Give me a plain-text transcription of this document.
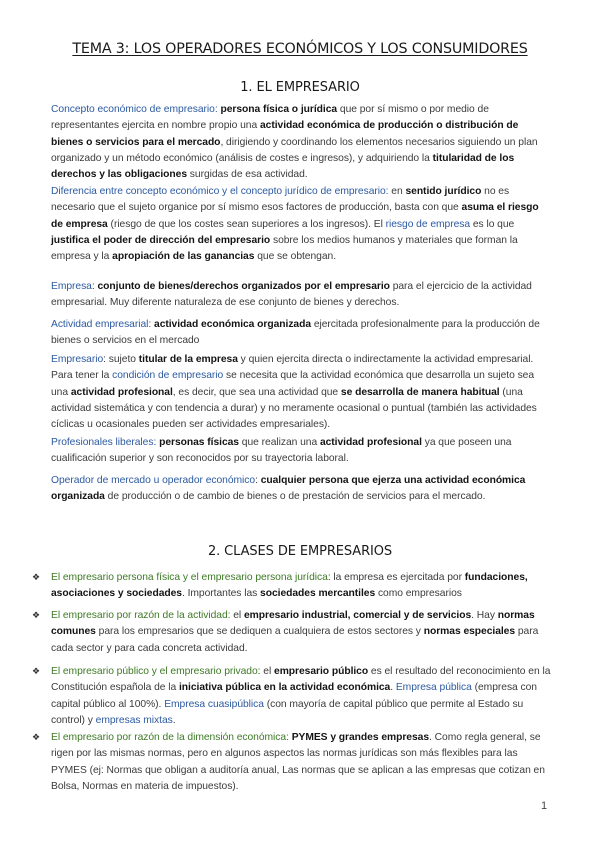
TEMA 3: LOS OPERADORES ECONÓMICOS Y LOS CONSUMIDORES
1. EL EMPRESARIO
Concepto económico de empresario: persona física o jurídica que por sí mismo o por medio de representantes ejercita en nombre propio una actividad económica de producción o distribución de bienes o servicios para el mercado, dirigiendo y coordinando los elementos necesarios siguiendo un plan organizado y un método económico (análisis de costes e ingresos), y adquiriendo la titularidad de los derechos y las obligaciones surgidas de esa actividad.
Diferencia entre concepto económico y el concepto jurídico de empresario: en sentido jurídico no es necesario que el sujeto organice por sí mismo esos factores de producción, basta con que asuma el riesgo de empresa (riesgo de que los costes sean superiores a los ingresos). El riesgo de empresa es lo que justifica el poder de dirección del empresario sobre los medios humanos y materiales que forman la empresa y la apropiación de las ganancias que se obtengan.
Empresa: conjunto de bienes/derechos organizados por el empresario para el ejercicio de la actividad empresarial. Muy diferente naturaleza de ese conjunto de bienes y derechos.
Actividad empresarial: actividad económica organizada ejercitada profesionalmente para la producción de bienes o servicios en el mercado
Empresario: sujeto titular de la empresa y quien ejercita directa o indirectamente la actividad empresarial. Para tener la condición de empresario se necesita que la actividad económica que desarrolla un sujeto sea una actividad profesional, es decir, que sea una actividad que se desarrolla de manera habitual (una actividad sistemática y con tendencia a durar) y no meramente ocasional o puntual (también las actividades cíclicas u ocasionales pueden ser actividades empresariales).
Profesionales liberales: personas físicas que realizan una actividad profesional ya que poseen una cualificación superior y son reconocidos por su trayectoria laboral.
Operador de mercado u operador económico: cualquier persona que ejerza una actividad económica organizada de producción o de cambio de bienes o de prestación de servicios para el mercado.
2. CLASES DE EMPRESARIOS
❖ El empresario persona física y el empresario persona jurídica: la empresa es ejercitada por fundaciones, asociaciones y sociedades. Importantes las sociedades mercantiles como empresarios
❖ El empresario por razón de la actividad: el empresario industrial, comercial y de servicios. Hay normas comunes para los empresarios que se dediquen a cualquiera de estos sectores y normas especiales para cada sector y para cada concreta actividad.
❖ El empresario público y el empresario privado: el empresario público es el resultado del reconocimiento en la Constitución española de la iniciativa pública en la actividad económica. Empresa pública (empresa con capital público al 100%). Empresa cuasipública (con mayoría de capital público que permite al Estado su control) y empresas mixtas.
❖ El empresario por razón de la dimensión económica: PYMES y grandes empresas. Como regla general, se rigen por las mismas normas, pero en algunos aspectos las normas jurídicas son más flexibles para las PYMES (ej: Normas que obligan a auditoría anual, Las normas que se aplican a las empresas que cotizan en Bolsa, Normas en materia de impuestos).
1
